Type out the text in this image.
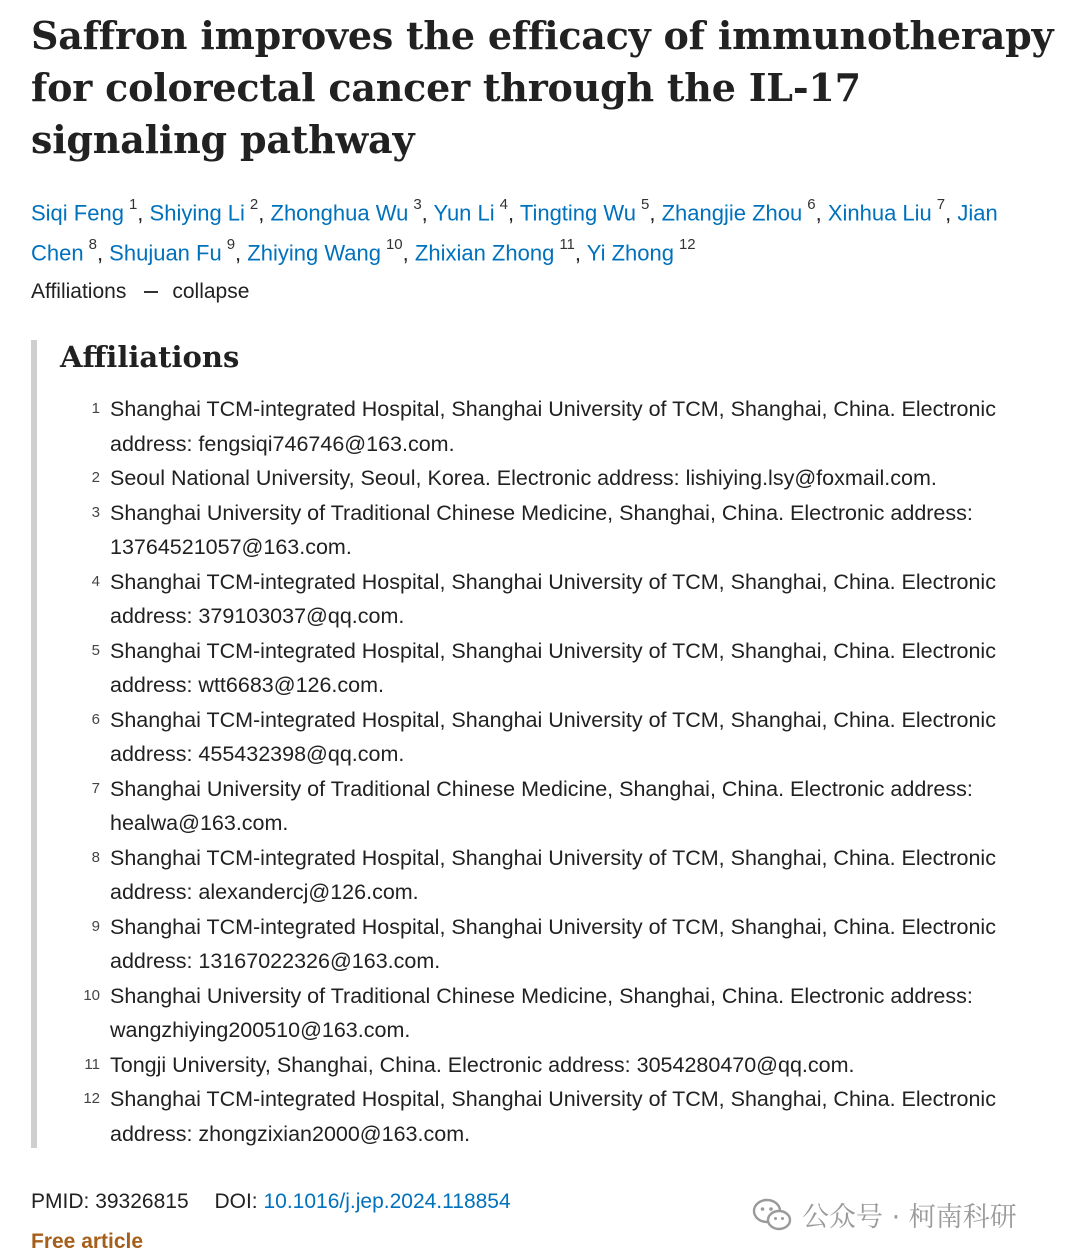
Saffron improves the efficacy of immunotherapy for colorectal cancer through the IL-17 signaling pathway
Siqi Feng $^1$, Shiying Li $^2$, Zhonghua Wu $^3$, Yun Li $^4$, Tingting Wu $^5$, Zhangjie Zhou $^6$, Xinhua Liu $^7$, Jian Chen $^8$, Shujuan Fu $^9$, Zhiying Wang $^{10}$, Zhixian Zhong $^{11}$, Yi Zhong $^{12}$
Affiliations collapse
Affiliations
1 Shanghai TCM-integrated Hospital, Shanghai University of TCM, Shanghai, China. Electronic address: fengsiqi746746@163.com.
2 Seoul National University, Seoul, Korea. Electronic address: lishiying.lsy@foxmail.com.
3 Shanghai University of Traditional Chinese Medicine, Shanghai, China. Electronic address: 13764521057@163.com.
4 Shanghai TCM-integrated Hospital, Shanghai University of TCM, Shanghai, China. Electronic address: 379103037@qq.com.
5 Shanghai TCM-integrated Hospital, Shanghai University of TCM, Shanghai, China. Electronic address: wtt6683@126.com.
6 Shanghai TCM-integrated Hospital, Shanghai University of TCM, Shanghai, China. Electronic address: 455432398@qq.com.
7 Shanghai University of Traditional Chinese Medicine, Shanghai, China. Electronic address: healwa@163.com.
8 Shanghai TCM-integrated Hospital, Shanghai University of TCM, Shanghai, China. Electronic address: alexandercj@126.com.
9 Shanghai TCM-integrated Hospital, Shanghai University of TCM, Shanghai, China. Electronic address: 13167022326@163.com.
10 Shanghai University of Traditional Chinese Medicine, Shanghai, China. Electronic address: wangzhiying200510@163.com.
11 Tongji University, Shanghai, China. Electronic address: 3054280470@qq.com.
12 Shanghai TCM-integrated Hospital, Shanghai University of TCM, Shanghai, China. Electronic address: zhongzixian2000@163.com.
PMID: 39326815 DOI: 10.1016/j.jep.2024.118854
Free article
公众号 · 柯南科研
